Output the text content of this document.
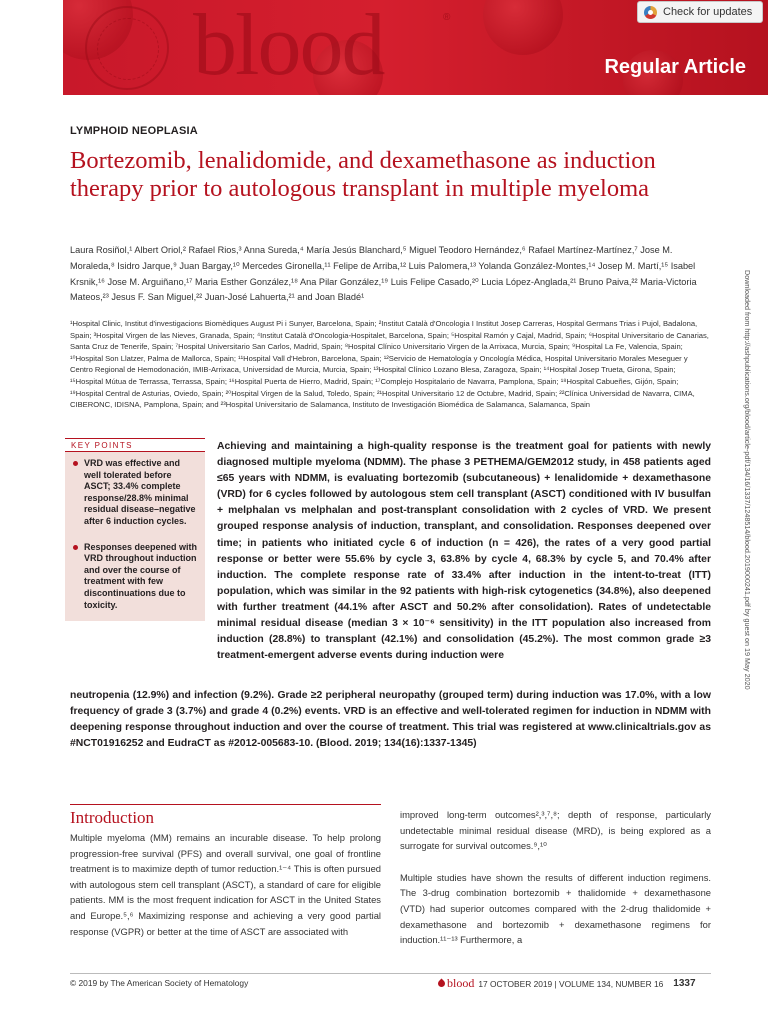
blood	®
Regular Article
Check for updates
LYMPHOID NEOPLASIA
Bortezomib, lenalidomide, and dexamethasone as induction therapy prior to autologous transplant in multiple myeloma
Laura Rosiñol,¹ Albert Oriol,² Rafael Rios,³ Anna Sureda,⁴ María Jesús Blanchard,⁵ Miguel Teodoro Hernández,⁶ Rafael Martínez-Martínez,⁷ Jose M. Moraleda,⁸ Isidro Jarque,⁹ Juan Bargay,¹⁰ Mercedes Gironella,¹¹ Felipe de Arriba,¹² Luis Palomera,¹³ Yolanda González-Montes,¹⁴ Josep M. Martí,¹⁵ Isabel Krsnik,¹⁶ Jose M. Arguiñano,¹⁷ Maria Esther González,¹⁸ Ana Pilar González,¹⁹ Luis Felipe Casado,²⁰ Lucia López-Anglada,²¹ Bruno Paiva,²² Maria-Victoria Mateos,²³ Jesus F. San Miguel,²² Juan-José Lahuerta,²¹ and Joan Bladé¹
¹Hospital Clinic, Institut d'investigacions Biomèdiques August Pi i Sunyer, Barcelona, Spain; ²Institut Català d'Oncologia I Institut Josep Carreras, Hospital Germans Trias i Pujol, Badalona, Spain; ³Hospital Virgen de las Nieves, Granada, Spain; ⁴Institut Català d'Oncologia-Hospitalet, Barcelona, Spain; ⁵Hospital Ramón y Cajal, Madrid, Spain; ⁶Hospital Universitario de Canarias, Santa Cruz de Tenerife, Spain; ⁷Hospital Universitario San Carlos, Madrid, Spain; ⁸Hospital Clínico Universitario Virgen de la Arrixaca, Murcia, Spain; ⁹Hospital La Fe, Valencia, Spain; ¹⁰Hospital Son Llatzer, Palma de Mallorca, Spain; ¹¹Hospital Vall d'Hebron, Barcelona, Spain; ¹²Servicio de Hematología y Oncología Médica, Hospital Universitario Morales Meseguer y Centro Regional de Hemodonación, IMIB-Arrixaca, Universidad de Murcia, Murcia, Spain; ¹³Hospital Clínico Lozano Blesa, Zaragoza, Spain; ¹⁴Hospital Josep Trueta, Girona, Spain; ¹⁵Hospital Mútua de Terrassa, Terrassa, Spain; ¹⁶Hospital Puerta de Hierro, Madrid, Spain; ¹⁷Complejo Hospitalario de Navarra, Pamplona, Spain; ¹⁸Hospital Cabueñes, Gijón, Spain; ¹⁹Hospital Central de Asturias, Oviedo, Spain; ²⁰Hospital Virgen de la Salud, Toledo, Spain; ²¹Hospital Universitario 12 de Octubre, Madrid, Spain; ²²Clínica Universidad de Navarra, CIMA, CIBERONC, IDISNA, Pamplona, Spain; and ²³Hospital Universitario de Salamanca, Instituto de Investigación Biomédica de Salamanca, Salamanca, Spain	Downloaded from http://ashpublications.org/blood/article-pdf/134/16/1337/1248514/blood.2019000241.pdf by guest on 19 May 2020
KEY POINTS
VRD was effective and well tolerated before ASCT; 33.4% complete response/28.8% minimal residual disease–negative after 6 induction cycles.
Responses deepened with VRD throughout induction and over the course of treatment with few discontinuations due to toxicity.
Achieving and maintaining a high-quality response is the treatment goal for patients with newly diagnosed multiple myeloma (NDMM). The phase 3 PETHEMA/GEM2012 study, in 458 patients aged ≤65 years with NDMM, is evaluating bortezomib (subcutaneous) + lenalidomide + dexamethasone (VRD) for 6 cycles followed by autologous stem cell transplant (ASCT) conditioned with IV busulfan + melphalan vs melphalan and post-transplant consolidation with 2 cycles of VRD. We present grouped response analysis of induction, transplant, and consolidation. Responses deepened over time; in patients who initiated cycle 6 of induction (n = 426), the rates of a very good partial response or better were 55.6% by cycle 3, 63.8% by cycle 4, 68.3% by cycle 5, and 70.4% after induction. The complete response rate of 33.4% after induction in the intent-to-treat (ITT) population, which was similar in the 92 patients with high-risk cytogenetics (34.8%), also deepened with further treatment (44.1% after ASCT and 50.2% after consolidation). Rates of undetectable minimal residual disease (median 3 × 10⁻⁶ sensitivity) in the ITT population also increased from induction (28.8%) to transplant (42.1%) and consolidation (45.2%). The most common grade ≥3 treatment-emergent adverse events during induction were
neutropenia (12.9%) and infection (9.2%). Grade ≥2 peripheral neuropathy (grouped term) during induction was 17.0%, with a low frequency of grade 3 (3.7%) and grade 4 (0.2%) events. VRD is an effective and well-tolerated regimen for induction in NDMM with deepening response throughout induction and over the course of treatment. This trial was registered at www.clinicaltrials.gov as #NCT01916252 and EudraCT as #2012-005683-10. (Blood. 2019; 134(16):1337-1345)
Introduction
Multiple myeloma (MM) remains an incurable disease. To help prolong progression-free survival (PFS) and overall survival, one goal of frontline treatment is to maximize depth of tumor reduction.¹⁻⁴ This is often pursued with autologous stem cell transplant (ASCT), a standard of care for eligible patients. MM is the most frequent indication for ASCT in the United States and Europe.⁵,⁶ Maximizing response and achieving a very good partial response (VGPR) or better at the time of ASCT are associated with

improved long-term outcomes²,³,⁷,⁸; depth of response, particularly undetectable minimal residual disease (MRD), is being explored as a surrogate for survival outcomes.⁹,¹⁰

Multiple studies have shown the results of different induction regimens. The 3-drug combination bortezomib + thalidomide + dexamethasone (VTD) had superior outcomes compared with the 2-drug thalidomide + dexamethasone and bortezomib + dexamethasone regimens for induction.¹¹⁻¹³ Furthermore, a

© 2019 by The American Society of Hematology	blood 17 OCTOBER 2019 | VOLUME 134, NUMBER 16 1337
